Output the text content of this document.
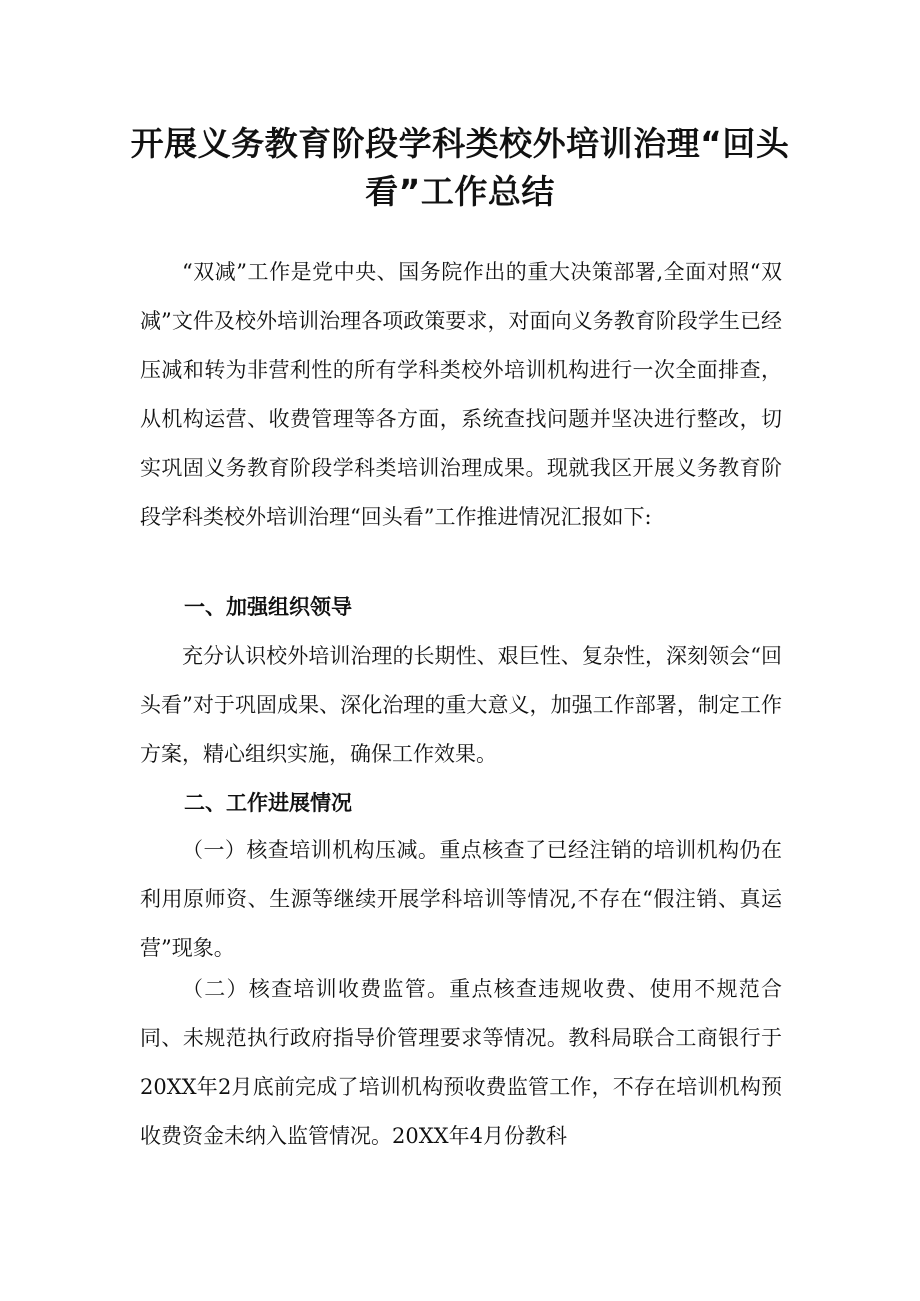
开展义务教育阶段学科类校外培训治理“回头看”工作总结

“双减”工作是党中央、国务院作出的重大决策部署,全面对照“双减”文件及校外培训治理各项政策要求，对面向义务教育阶段学生已经压减和转为非营利性的所有学科类校外培训机构进行一次全面排查，从机构运营、收费管理等各方面，系统查找问题并坚决进行整改，切实巩固义务教育阶段学科类培训治理成果。现就我区开展义务教育阶段学科类校外培训治理“回头看”工作推进情况汇报如下:

一、加强组织领导

充分认识校外培训治理的长期性、艰巨性、复杂性，深刻领会“回头看”对于巩固成果、深化治理的重大意义，加强工作部署，制定工作方案，精心组织实施，确保工作效果。

二、工作进展情况

（一）核查培训机构压减。重点核查了已经注销的培训机构仍在利用原师资、生源等继续开展学科培训等情况,不存在“假注销、真运营”现象。

（二）核查培训收费监管。重点核查违规收费、使用不规范合同、未规范执行政府指导价管理要求等情况。教科局联合工商银行于20XX年2月底前完成了培训机构预收费监管工作，不存在培训机构预收费资金未纳入监管情况。20XX年4月份教科
